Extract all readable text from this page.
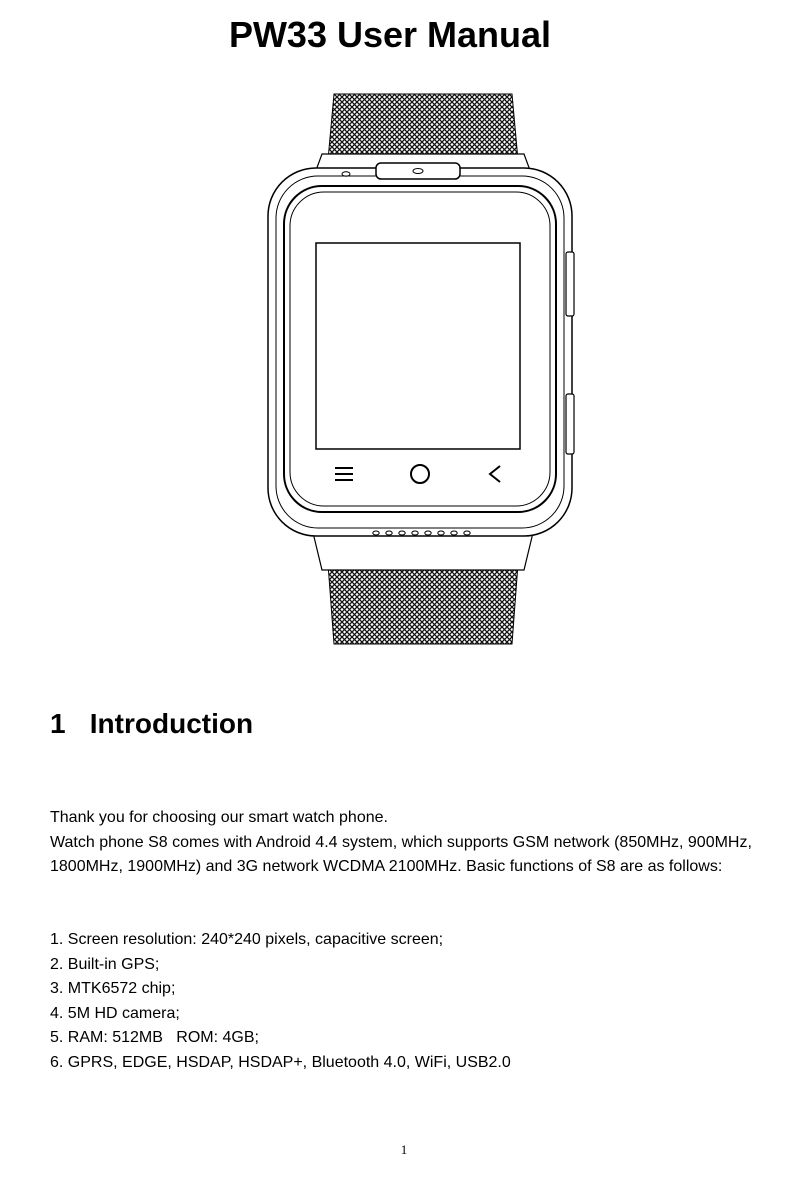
PW33 User Manual
1 Introduction

Thank you for choosing our smart watch phone.

Watch phone S8 comes with Android 4.4 system, which supports GSM network (850MHz, 900MHz, 1800MHz, 1900MHz) and 3G network WCDMA 2100MHz. Basic functions of S8 are as follows:

1. Screen resolution: 240*240 pixels, capacitive screen;
2. Built-in GPS;
3. MTK6572 chip;
4. 5M HD camera;
5. RAM: 512MB   ROM: 4GB;
6. GPRS, EDGE, HSDAP, HSDAP+, Bluetooth 4.0, WiFi, USB2.0
1
